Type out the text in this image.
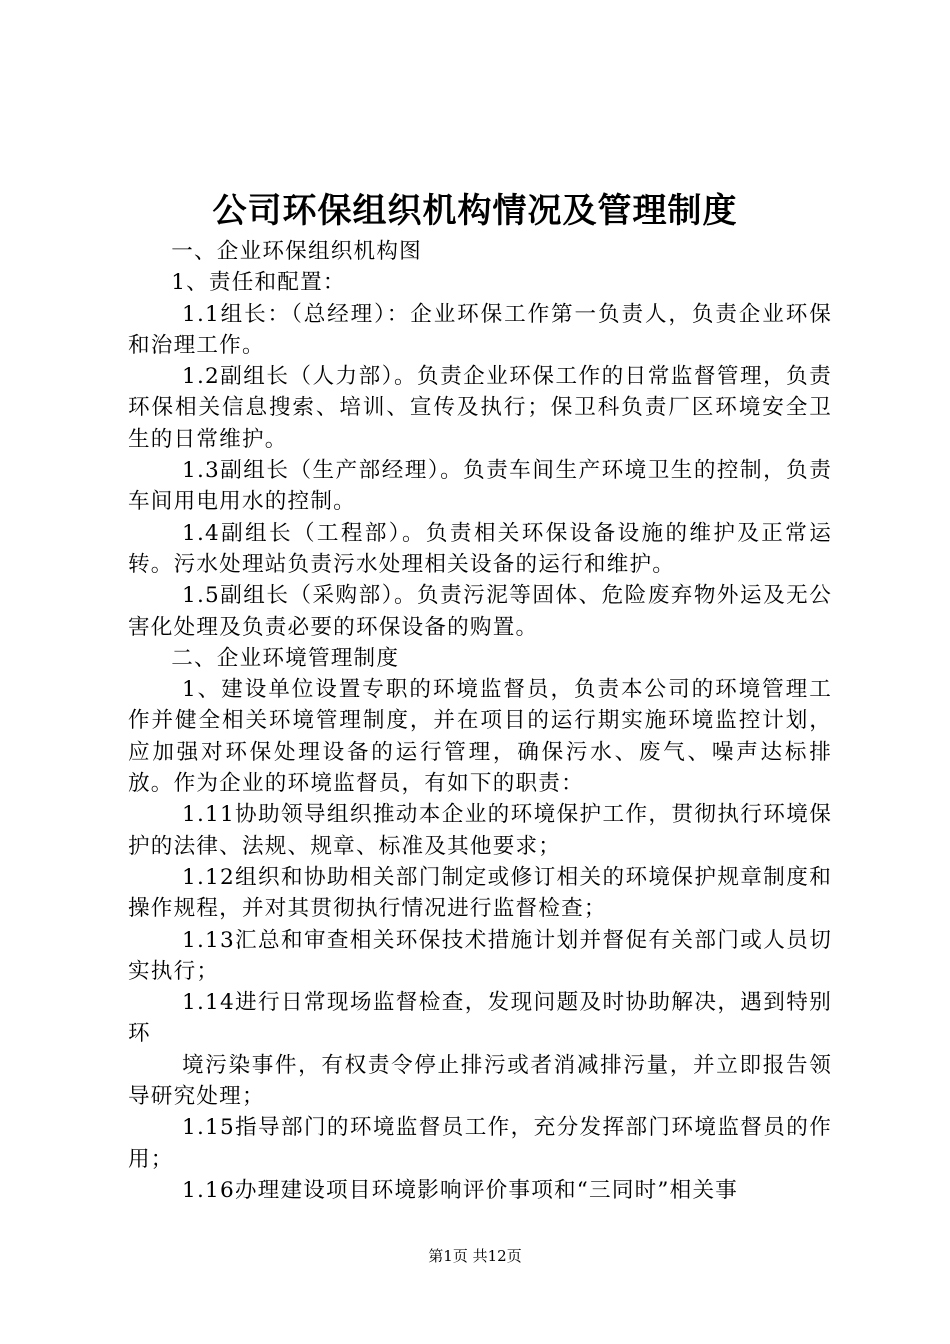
公司环保组织机构情况及管理制度

一、企业环保组织机构图

1、责任和配置：

1.1组长：（总经理）：企业环保工作第一负责人，负责企业环保和治理工作。

1.2副组长（人力部）。负责企业环保工作的日常监督管理，负责环保相关信息搜索、培训、宣传及执行；保卫科负责厂区环境安全卫生的日常维护。

1.3副组长（生产部经理）。负责车间生产环境卫生的控制，负责车间用电用水的控制。

1.4副组长（工程部）。负责相关环保设备设施的维护及正常运转。污水处理站负责污水处理相关设备的运行和维护。

1.5副组长（采购部）。负责污泥等固体、危险废弃物外运及无公害化处理及负责必要的环保设备的购置。

二、企业环境管理制度

1、建设单位设置专职的环境监督员，负责本公司的环境管理工作并健全相关环境管理制度，并在项目的运行期实施环境监控计划，应加强对环保处理设备的运行管理，确保污水、废气、噪声达标排放。作为企业的环境监督员，有如下的职责：

1.11协助领导组织推动本企业的环境保护工作，贯彻执行环境保护的法律、法规、规章、标准及其他要求；

1.12组织和协助相关部门制定或修订相关的环境保护规章制度和操作规程，并对其贯彻执行情况进行监督检查；

1.13汇总和审查相关环保技术措施计划并督促有关部门或人员切实执行；

1.14进行日常现场监督检查，发现问题及时协助解决，遇到特别环

境污染事件，有权责令停止排污或者消减排污量，并立即报告领导研究处理；

1.15指导部门的环境监督员工作，充分发挥部门环境监督员的作用；

1.16办理建设项目环境影响评价事项和“三同时”相关事

第1页 共12页
